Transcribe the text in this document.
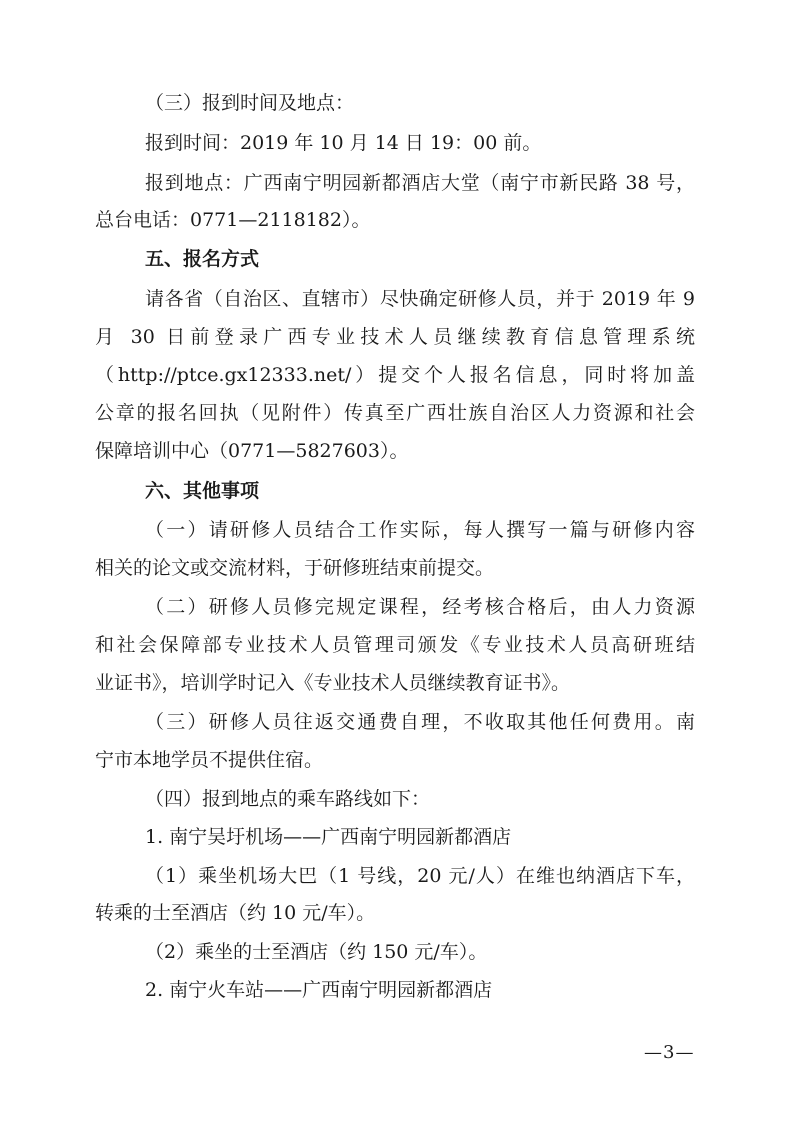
（三）报到时间及地点：
报到时间：2019 年 10 月 14 日 19：00 前。
报到地点：广西南宁明园新都酒店大堂（南宁市新民路 38 号，
总台电话：0771—2118182）。
五、报名方式
请各省（自治区、直辖市）尽快确定研修人员，并于 2019 年 9
月 30 日前登录广西专业技术人员继续教育信息管理系统
（http://ptce.gx12333.net/）提交个人报名信息，同时将加盖
公章的报名回执（见附件）传真至广西壮族自治区人力资源和社会
保障培训中心（0771—5827603）。
六、其他事项
（一）请研修人员结合工作实际，每人撰写一篇与研修内容
相关的论文或交流材料，于研修班结束前提交。
（二）研修人员修完规定课程，经考核合格后，由人力资源
和社会保障部专业技术人员管理司颁发《专业技术人员高研班结
业证书》，培训学时记入《专业技术人员继续教育证书》。
（三）研修人员往返交通费自理，不收取其他任何费用。南
宁市本地学员不提供住宿。
（四）报到地点的乘车路线如下：
1. 南宁吴圩机场——广西南宁明园新都酒店
（1）乘坐机场大巴（1 号线，20 元/人）在维也纳酒店下车，
转乘的士至酒店（约 10 元/车）。
（2）乘坐的士至酒店（约 150 元/车）。
2. 南宁火车站——广西南宁明园新都酒店
—3—
